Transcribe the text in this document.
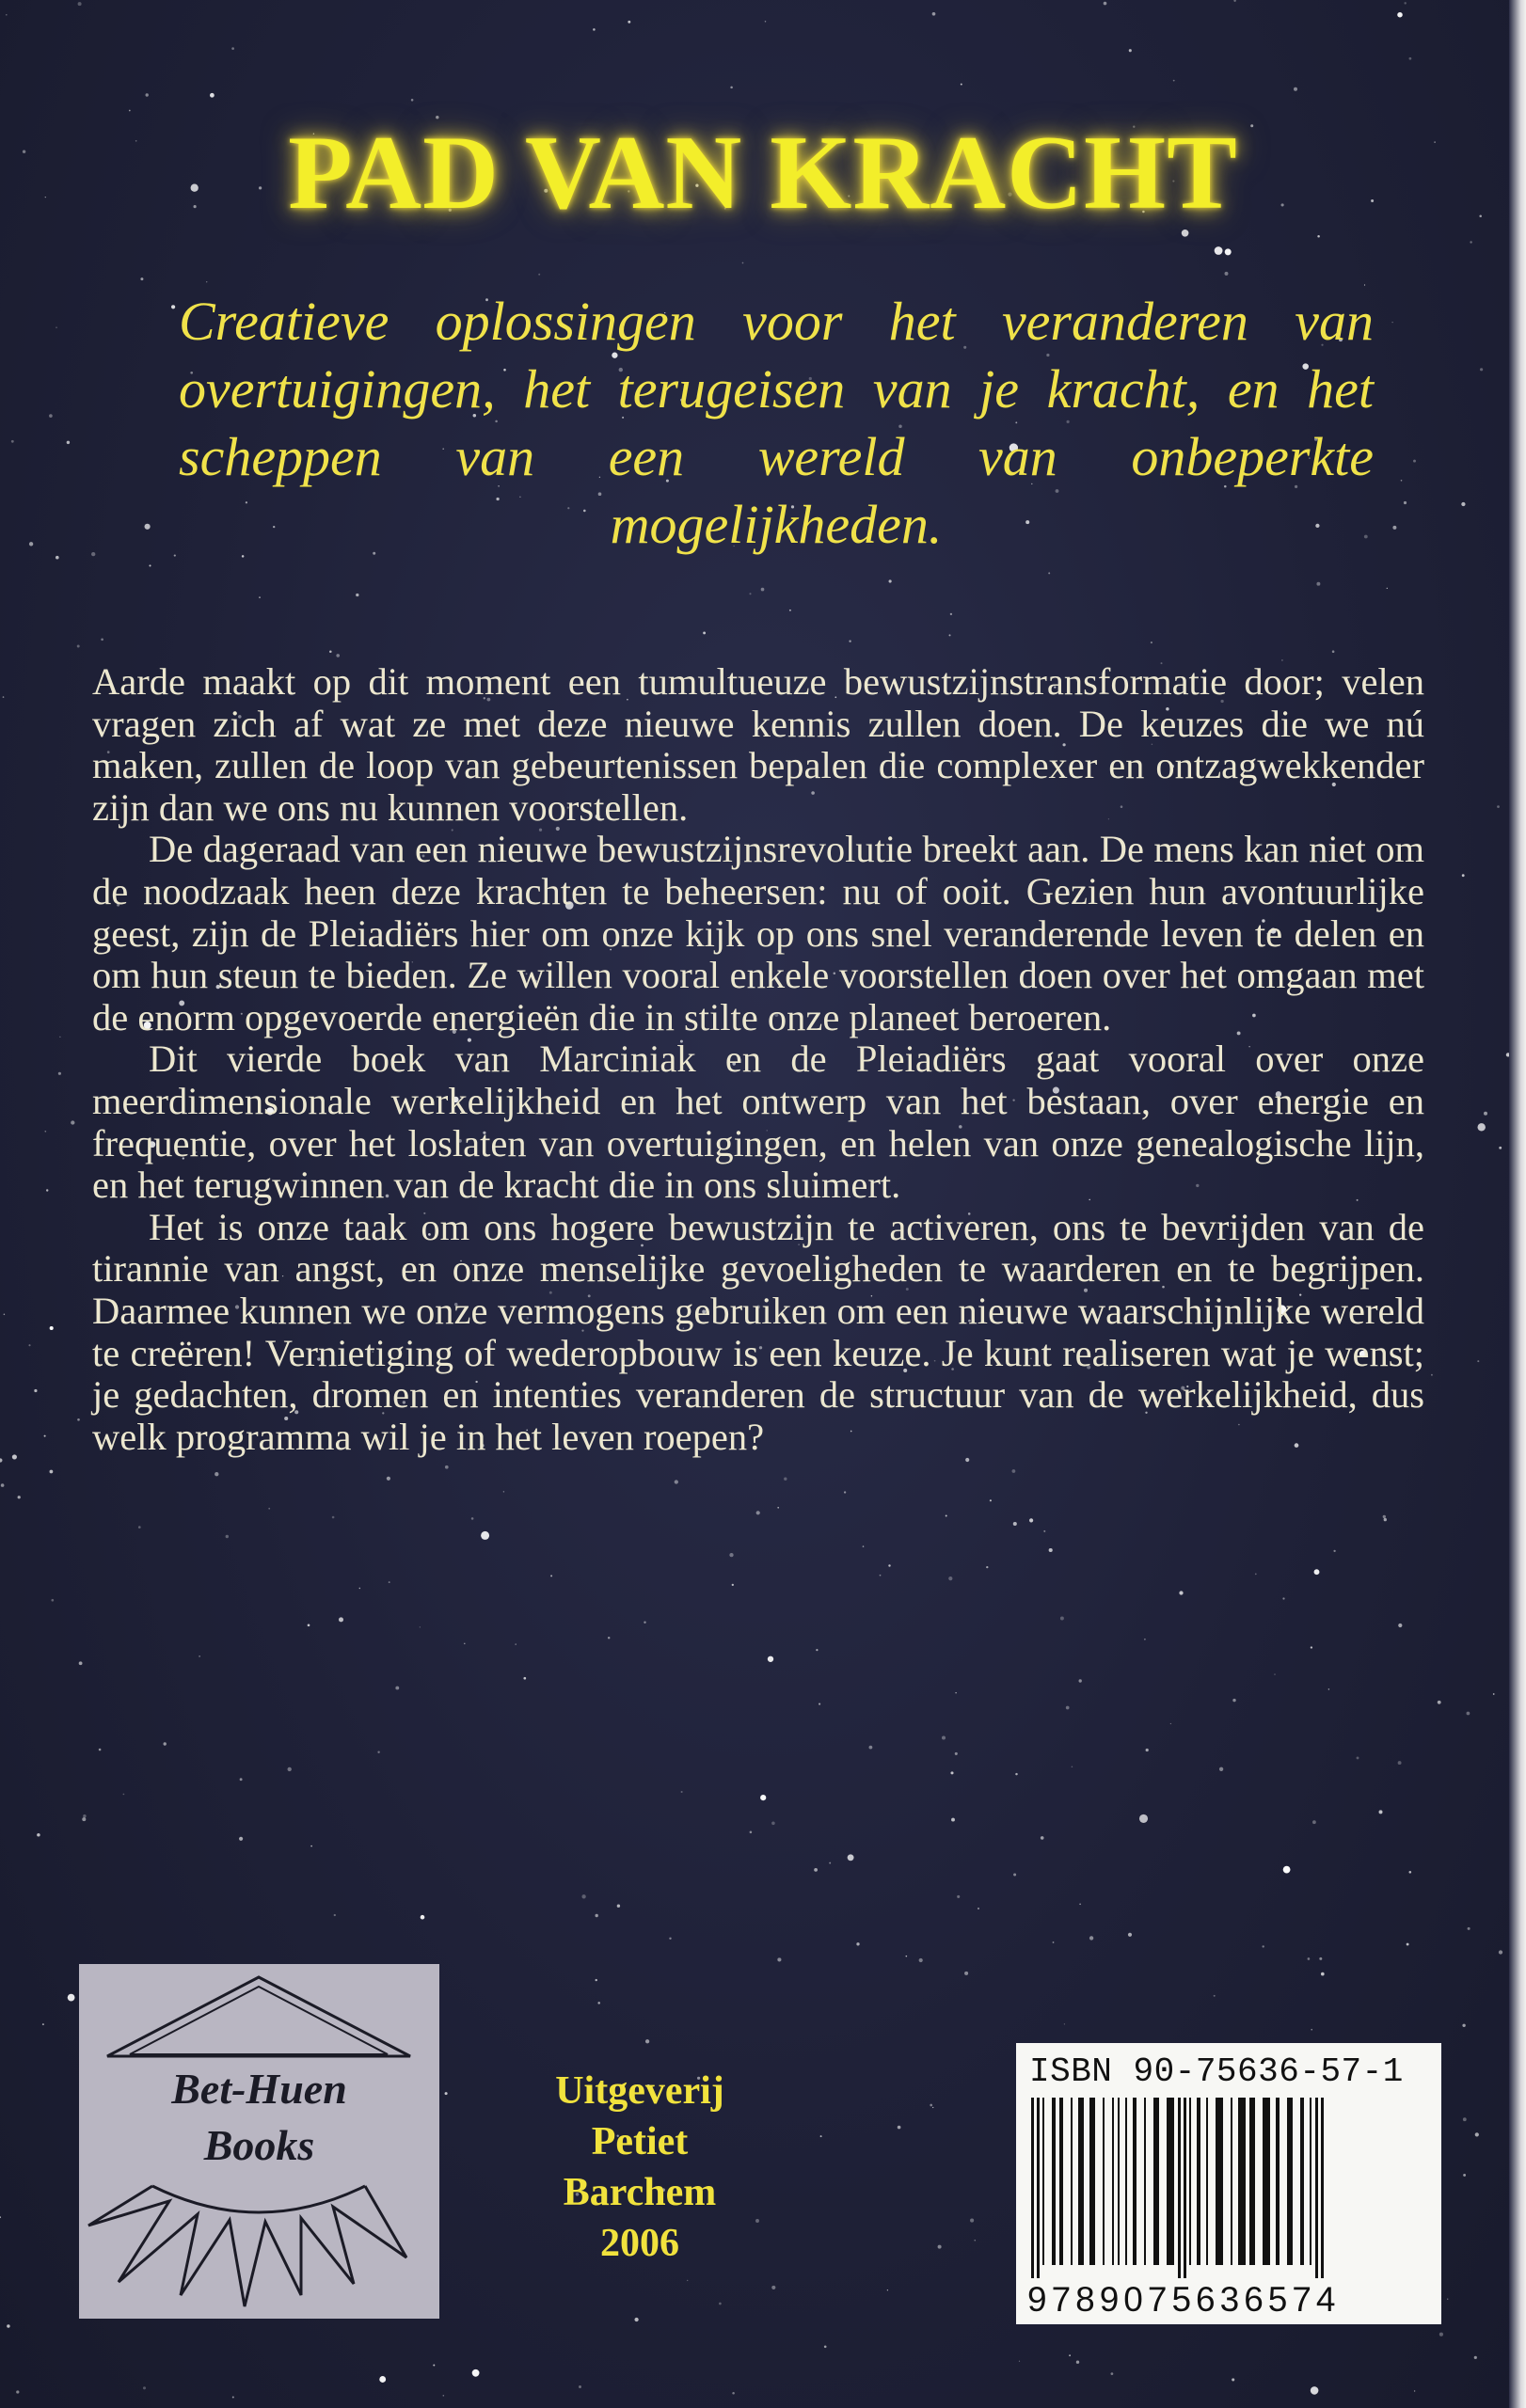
PAD VAN KRACHT
Creatieve oplossingen voor het veranderen van overtuigingen, het terugeisen van je kracht, en het scheppen van een wereld van onbeperkte mogelijkheden.

Aarde maakt op dit moment een tumultueuze bewustzijnstransformatie door; velen vragen zich af wat ze met deze nieuwe kennis zullen doen. De keuzes die we nú maken, zullen de loop van gebeurtenissen bepalen die complexer en ontzagwekkender zijn dan we ons nu kunnen voorstellen.

De dageraad van een nieuwe bewustzijnsrevolutie breekt aan. De mens kan niet om de noodzaak heen deze krachten te beheersen: nu of ooit. Gezien hun avontuurlijke geest, zijn de Pleiadiërs hier om onze kijk op ons snel veranderende leven te delen en om hun steun te bieden. Ze willen vooral enkele voorstellen doen over het omgaan met de enorm opgevoerde energieën die in stilte onze planeet beroeren.

Dit vierde boek van Marciniak en de Pleiadiërs gaat vooral over onze meerdimensionale werkelijkheid en het ontwerp van het bestaan, over energie en frequentie, over het loslaten van overtuigingen, en helen van onze genealogische lijn, en het terugwinnen van de kracht die in ons sluimert.

Het is onze taak om ons hogere bewustzijn te activeren, ons te bevrijden van de tirannie van angst, en onze menselijke gevoeligheden te waarderen en te begrijpen. Daarmee kunnen we onze vermogens gebruiken om een nieuwe waarschijnlijke wereld te creëren! Vernietiging of wederopbouw is een keuze. Je kunt realiseren wat je wenst; je gedachten, dromen en intenties veranderen de structuur van de werkelijkheid, dus welk programma wil je in het leven roepen?

Bet-Huen
Books
Uitgeverij
Petiet
Barchem
2006
ISBN 90-75636-57-1
9789075636574
